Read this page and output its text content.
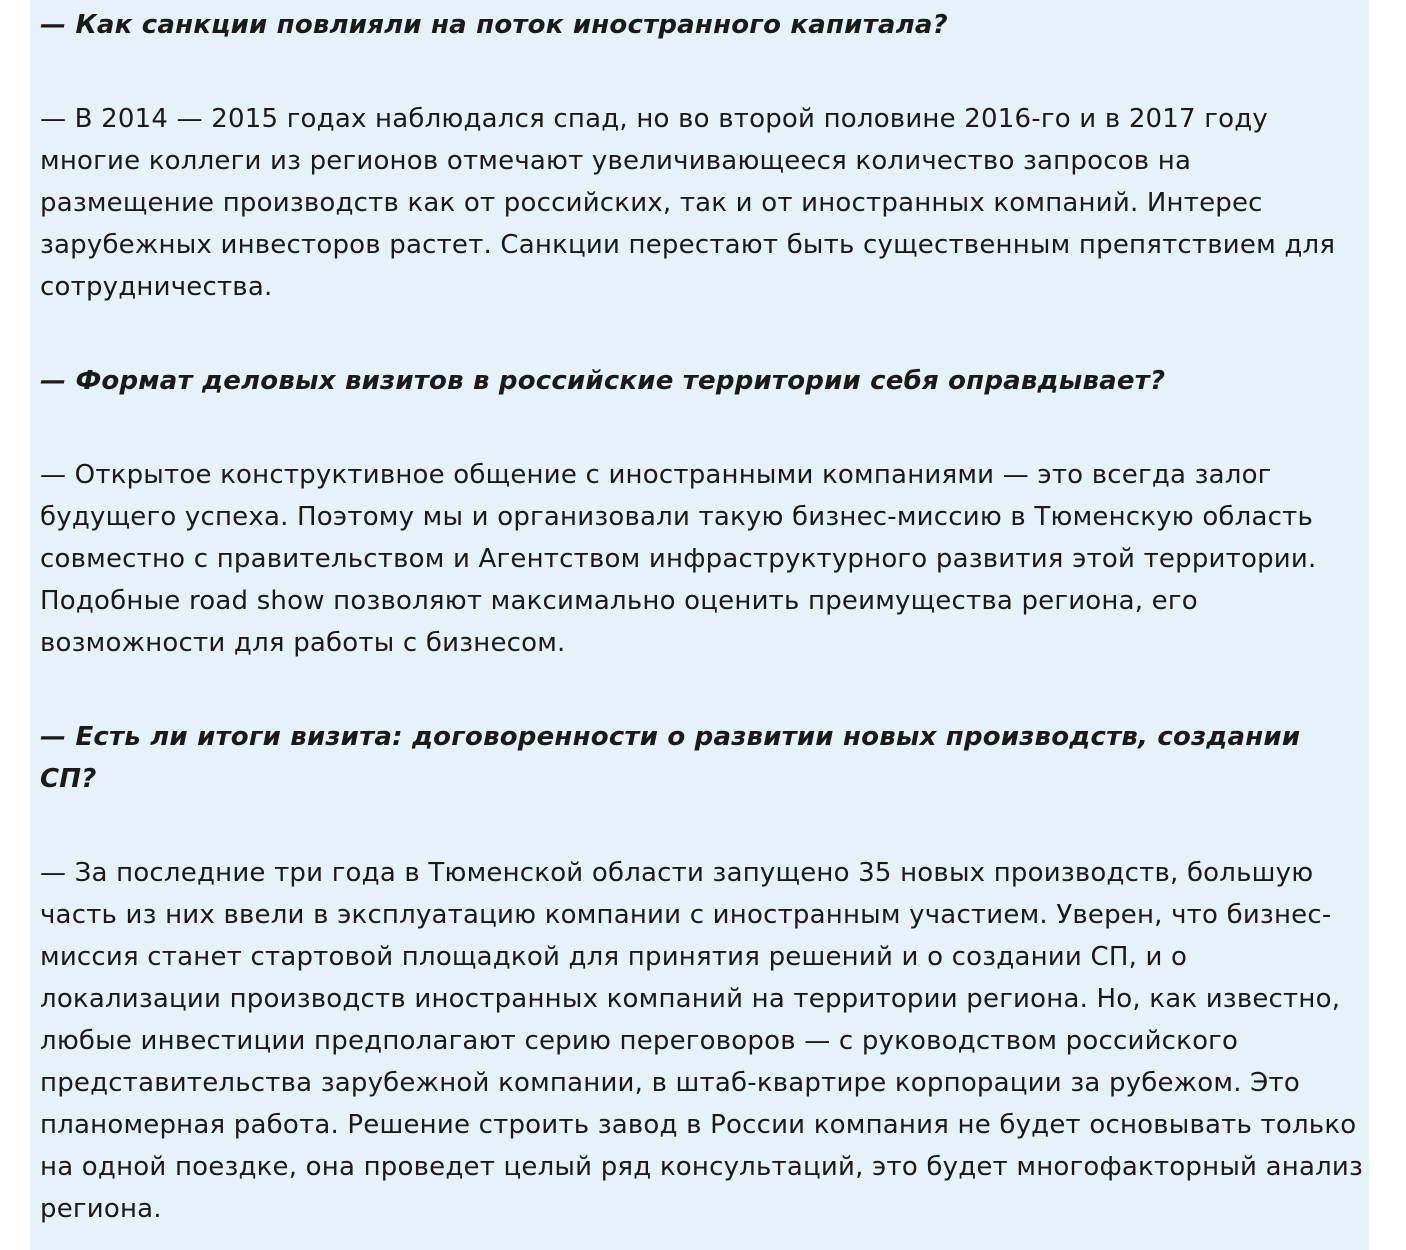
— Как санкции повлияли на поток иностранного капитала?

— В 2014 — 2015 годах наблюдался спад, но во второй половине 2016-го и в 2017 году многие коллеги из регионов отмечают увеличивающееся количество запросов на размещение производств как от российских, так и от иностранных компаний. Интерес зарубежных инвесторов растет. Санкции перестают быть существенным препятствием для сотрудничества.

— Формат деловых визитов в российские территории себя оправдывает?

— Открытое конструктивное общение с иностранными компаниями — это всегда залог будущего успеха. Поэтому мы и организовали такую бизнес-миссию в Тюменскую область совместно с правительством и Агентством инфраструктурного развития этой территории. Подобные road show позволяют максимально оценить преимущества региона, его возможности для работы с бизнесом.

— Есть ли итоги визита: договоренности о развитии новых производств, создании СП?

— За последние три года в Тюменской области запущено 35 новых производств, большую часть из них ввели в эксплуатацию компании с иностранным участием. Уверен, что бизнес-миссия станет стартовой площадкой для принятия решений и о создании СП, и о локализации производств иностранных компаний на территории региона. Но, как известно, любые инвестиции предполагают серию переговоров — с руководством российского представительства зарубежной компании, в штаб-квартире корпорации за рубежом. Это планомерная работа. Решение строить завод в России компания не будет основывать только на одной поездке, она проведет целый ряд консультаций, это будет многофакторный анализ региона.
